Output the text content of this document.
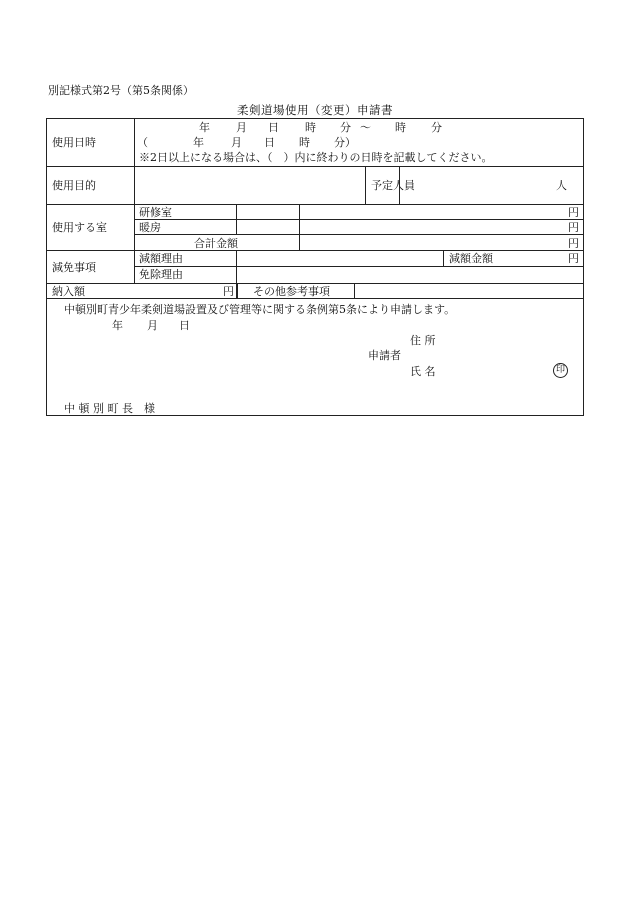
別記様式第2号（第5条関係）
柔剣道場使用（変更）申請書
使用日時
年 月 日 時 分 ～ 時 分
（	年 月 日 時 分）
※2日以上になる場合は、（　）内に終わりの日時を記載してください。
使用目的	予定人員	人
使用する室
研修室	円
暖房	円
合計金額	円
減免事項
減額理由	減額金額	円
免除理由
納入額	円 その他参考事項
中頓別町青少年柔剣道場設置及び管理等に関する条例第5条により申請します。
年 月 日
住 所
申請者
氏 名
中 頓 別 町 長　様
印
